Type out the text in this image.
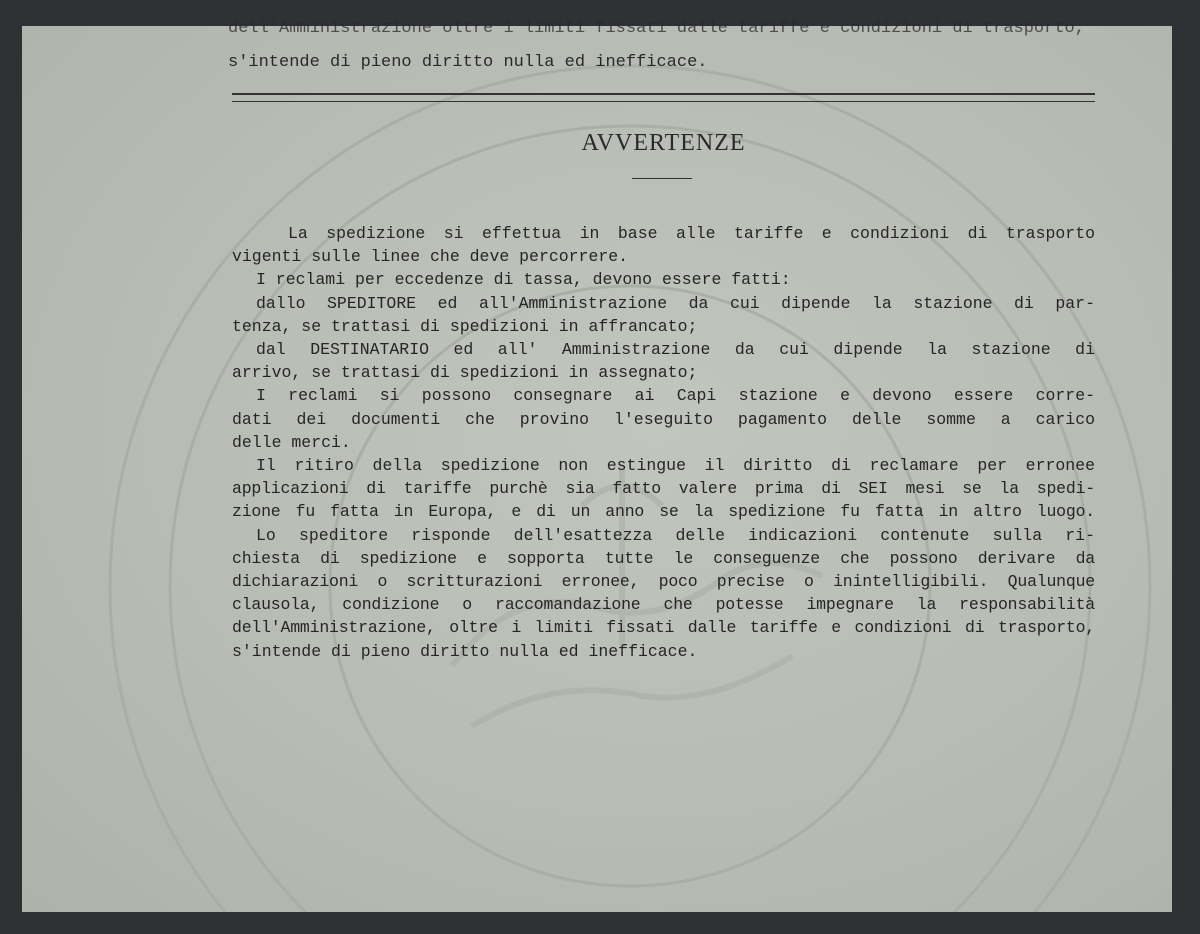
dell'Amministrazione oltre i limiti fissati dalle tariffe e condizioni di trasporto,
s'intende di pieno diritto nulla ed inefficace.
AVVERTENZE
La spedizione si effettua in base alle tariffe e condizioni di trasporto
vigenti sulle linee che deve percorrere.
I reclami per eccedenze di tassa, devono essere fatti:
dallo SPEDITORE ed all'Amministrazione da cui dipende la stazione di par-
tenza, se trattasi di spedizioni in affrancato;
dal DESTINATARIO ed all' Amministrazione da cui dipende la stazione di
arrivo, se trattasi di spedizioni in assegnato;
I reclami si possono consegnare ai Capi stazione e devono essere corre-
dati dei documenti che provino l'eseguito pagamento delle somme a carico
delle merci.
Il ritiro della spedizione non estingue il diritto di reclamare per erronee
applicazioni di tariffe purchè sia fatto valere prima di SEI mesi se la spedi-
zione fu fatta in Europa, e di un anno se la spedizione fu fatta in altro luogo.
Lo speditore risponde dell'esattezza delle indicazioni contenute sulla ri-
chiesta di spedizione e sopporta tutte le conseguenze che possono derivare da
dichiarazioni o scritturazioni erronee, poco precise o inintelligibili. Qualunque
clausola, condizione o raccomandazione che potesse impegnare la responsabilità
dell'Amministrazione, oltre i limiti fissati dalle tariffe e condizioni di trasporto,
s'intende di pieno diritto nulla ed inefficace.
